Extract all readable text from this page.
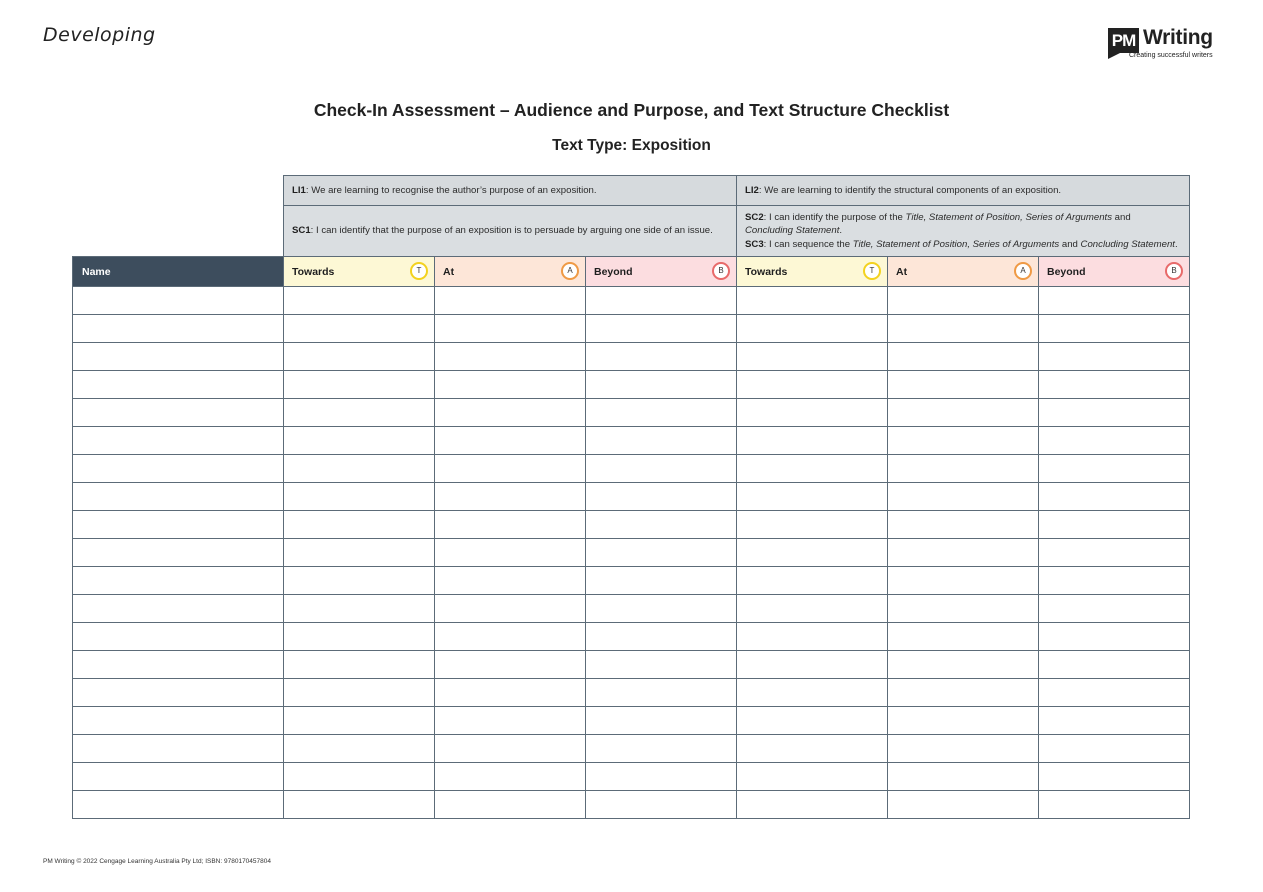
Developing	PM Writing
Creating successful writers
Check-In Assessment – Audience and Purpose, and Text Structure Checklist
Text Type: Exposition
	LI1: We are learning to recognise the author’s purpose of an exposition.			LI2: We are learning to identify the structural components of an exposition.		
	SC1: I can identify that the purpose of an exposition is to persuade by arguing one side of an issue.			SC2: I can identify the purpose of the Title, Statement of Position, Series of Arguments and Concluding Statement.
SC3: I can sequence the Title, Statement of Position, Series of Arguments and Concluding Statement.		

Name	Towards T	At A	Beyond B	Towards T	At A	Beyond B

PM Writing © 2022 Cengage Learning Australia Pty Ltd; ISBN: 9780170457804
